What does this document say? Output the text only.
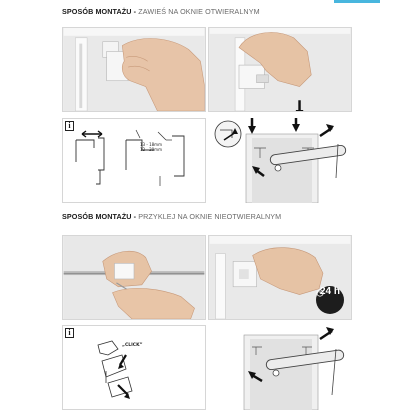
SPOSÓB MONTAŻU - ZAWIEŚ NA OKNIE OTWIERALNYM
i
13 - 18mm
12 - 20mm
SPOSÓB MONTAŻU - PRZYKLEJ NA OKNIE NIEOTWIERALNYM
24 h
i
„CLICK”
